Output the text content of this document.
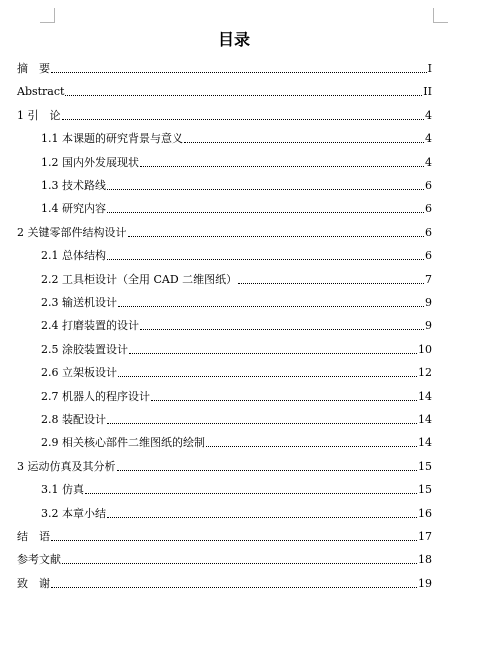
目录
摘　要	I
Abstract	II
1 引　论	4
1.1 本课题的研究背景与意义	4
1.2 国内外发展现状	4
1.3 技术路线	6
1.4 研究内容	6
2 关键零部件结构设计	6
2.1 总体结构	6
2.2 工具柜设计（全用 CAD 二维图纸）	7
2.3 输送机设计	9
2.4 打磨装置的设计	9
2.5 涂胶装置设计	10
2.6 立架板设计	12
2.7 机器人的程序设计	14
2.8 装配设计	14
2.9 相关核心部件二维图纸的绘制	14
3 运动仿真及其分析	15
3.1 仿真	15
3.2 本章小结	16
结　语	17
参考文献	18
致　谢	19
